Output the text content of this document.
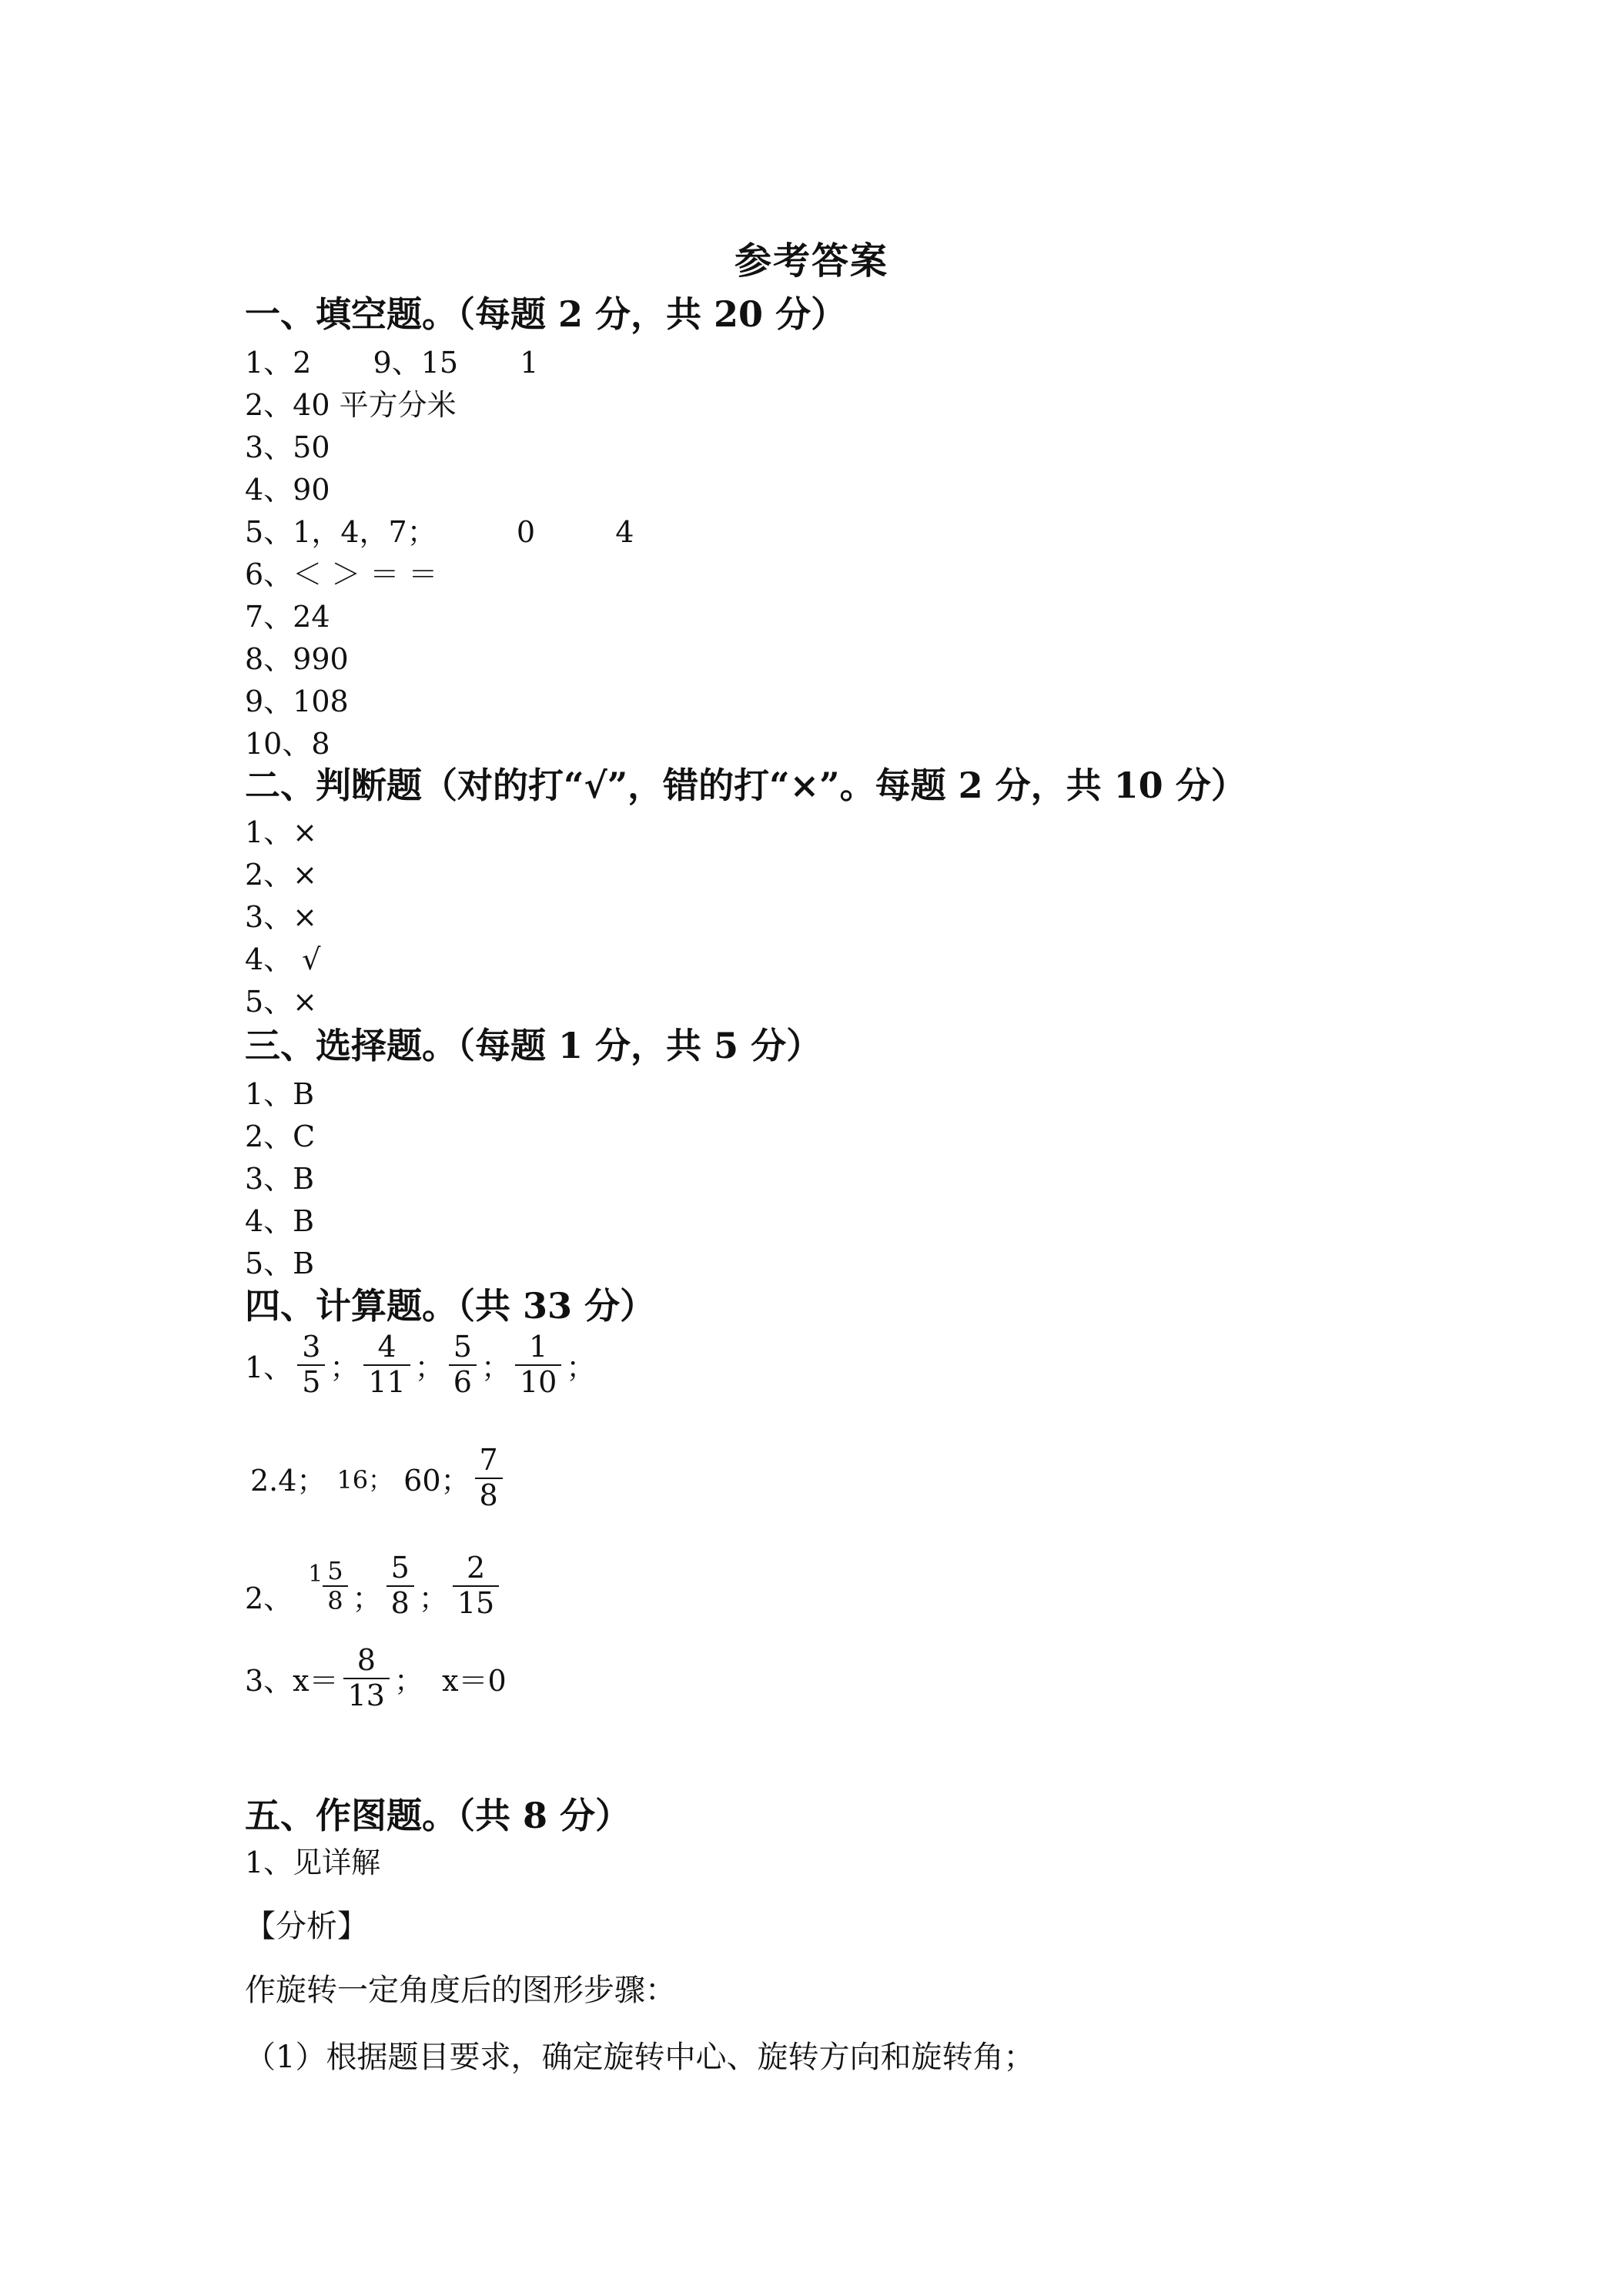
参考答案
一、填空题。（每题 2 分，共 20 分）
1、2 9、15 1
2、40 平方分米
3、50
4、90
5、1，4，7；	0	4
6、＜ ＞ ＝ ＝
7、24
8、990
9、108
10、8
二、判断题（对的打“√”，错的打“×”。每题 2 分，共 10 分）
1、×
2、×
3、×
4、 √
5、×
三、选择题。（每题 1 分，共 5 分）
1、B
2、C
3、B
4、B
5、B
四、计算题。（共 33 分）
1、 $\frac{3}{5}$ ； $\frac{4}{11}$ ； $\frac{5}{6}$ ； $\frac{1}{10}$ ；
2.4； 16； 60； $\frac{7}{8}$
2、
$1 \frac{5}{8}$ ； $\frac{5}{8}$ ； $\frac{2}{15}$
3、$x= \frac{8}{13}$ ；  x＝0
五、作图题。（共 8 分）
1、见详解
【分析】
作旋转一定角度后的图形步骤：
（1）根据题目要求，确定旋转中心、旋转方向和旋转角；
